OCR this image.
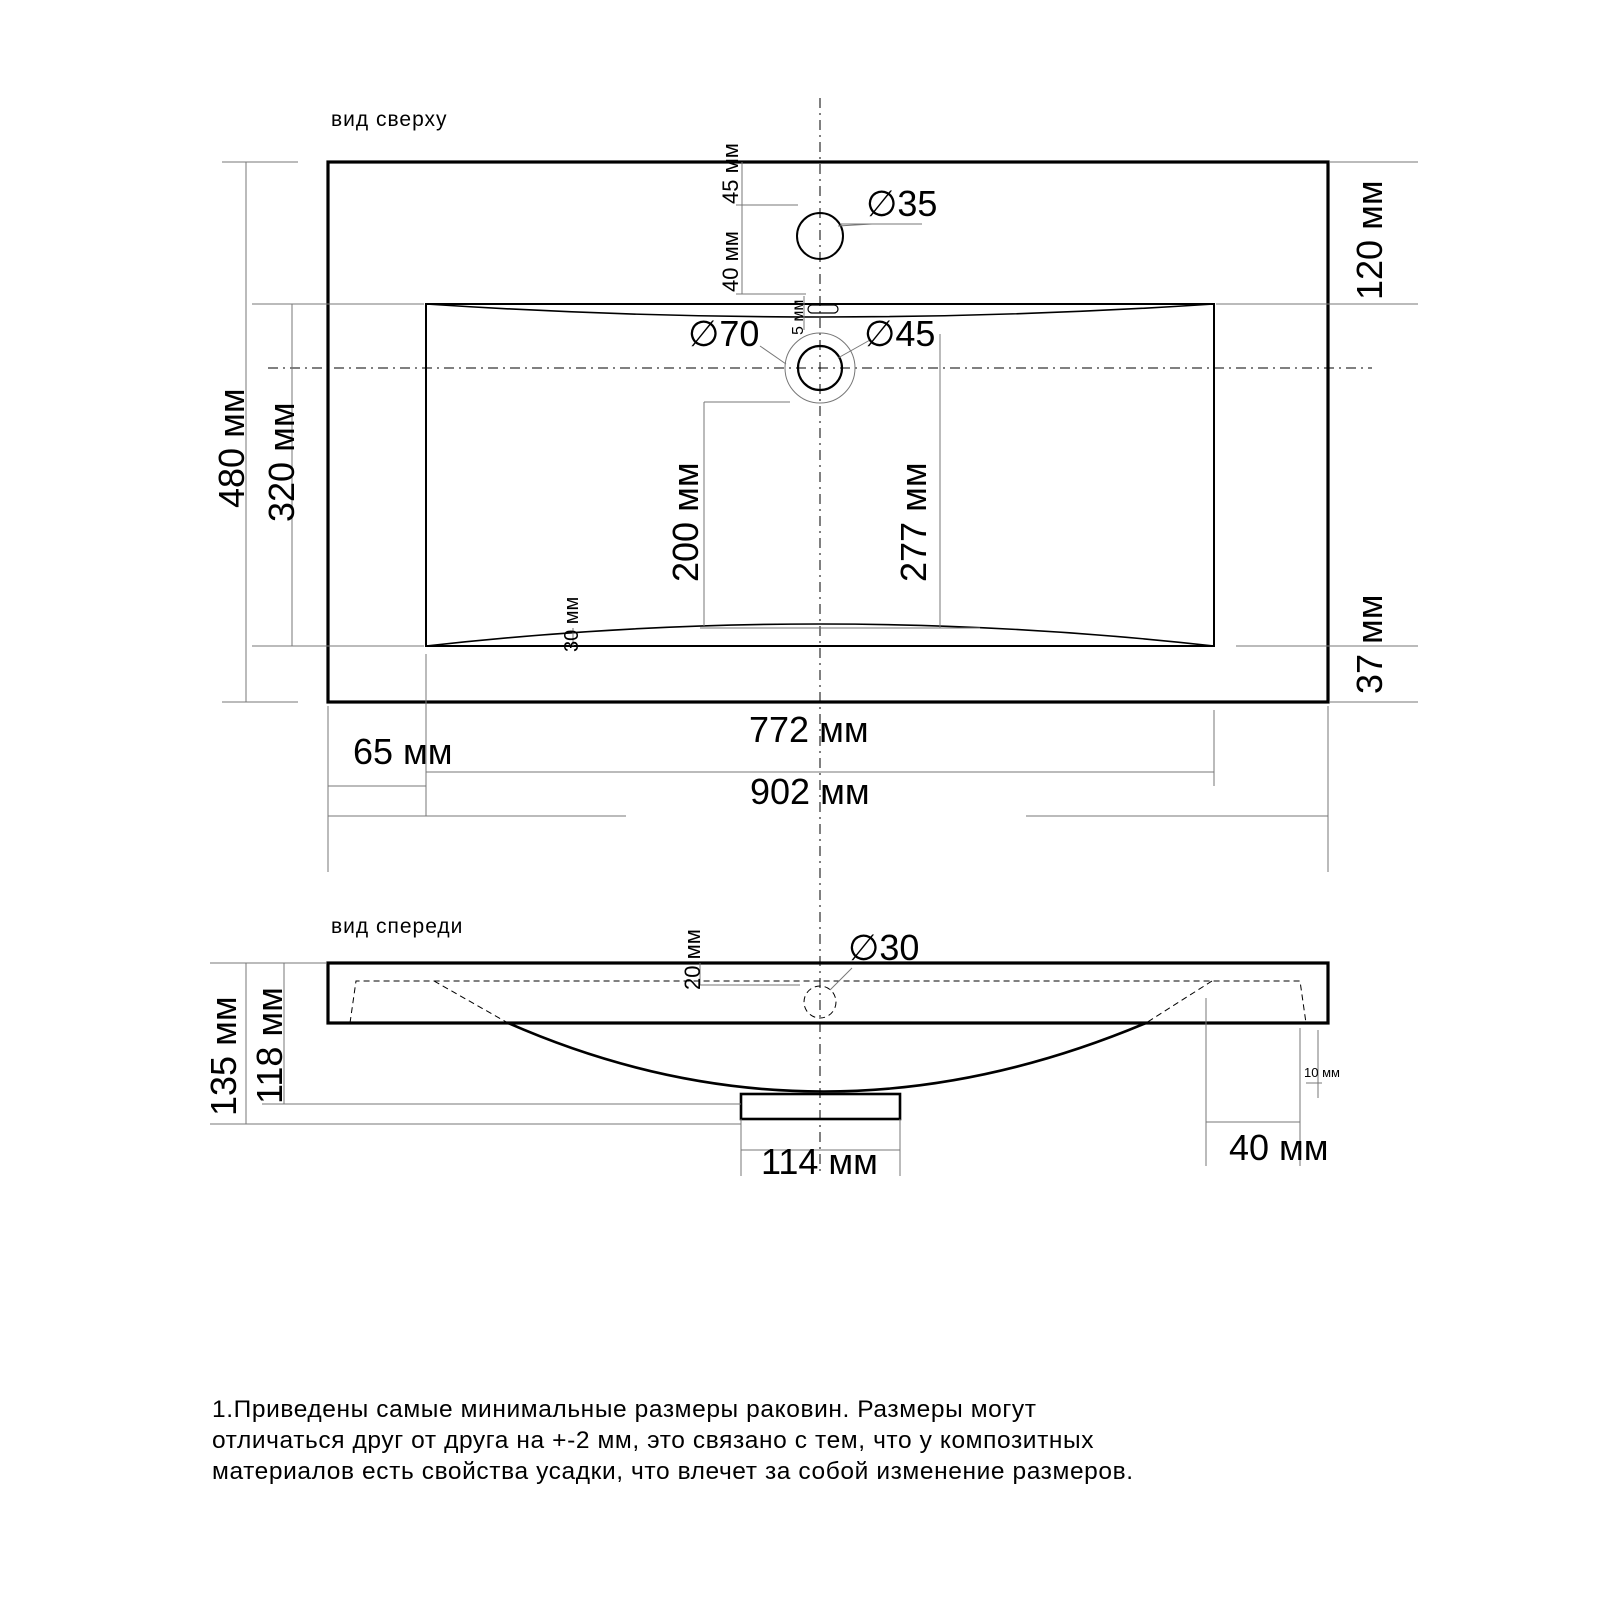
вид сверху
∅35
∅70	∅45
45 мм
40 мм
5 мм
120 мм
37 мм
480 мм 320 мм
200 мм	277 мм
30 мм
772 мм
65 мм
902 мм
вид спереди
∅30
20 мм
135 мм 118 мм
114 мм	40 мм
10 мм
1.Приведены самые минимальные размеры раковин. Размеры могут
отличаться друг от друга на +-2 мм, это связано с тем, что у композитных
материалов есть свойства усадки, что влечет за собой изменение размеров.
